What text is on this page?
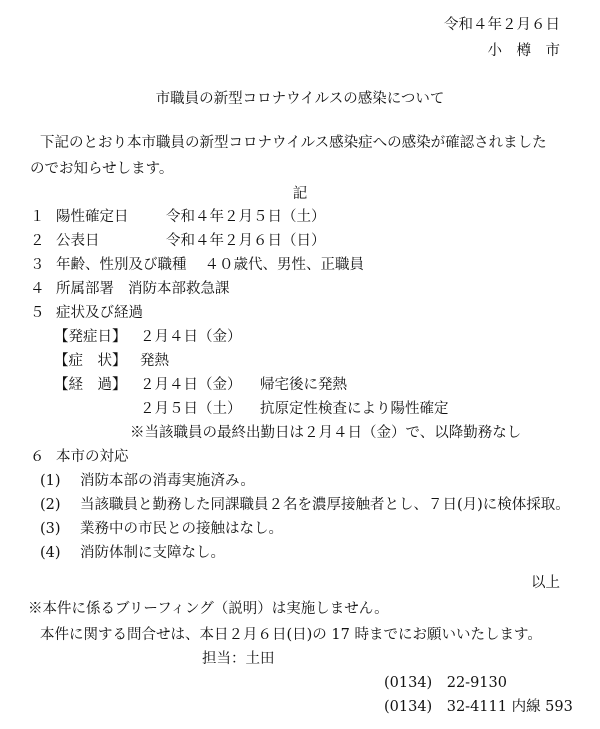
令和４年２月６日
小　樽　市
市職員の新型コロナウイルスの感染について
下記のとおり本市職員の新型コロナウイルス感染症への感染が確認されました
のでお知らせします。
記
１ 陽性確定日	令和４年２月５日（土）
２ 公表日	令和４年２月６日（日）
３ 年齢、性別及び職種 ４０歳代、男性、正職員
４ 所属部署 消防本部救急課
５ 症状及び経過
【発症日】 ２月４日（金）
【症　状】 発熱
【経　過】 ２月４日（金） 帰宅後に発熱
２月５日（土） 抗原定性検査により陽性確定
※当該職員の最終出勤日は２月４日（金）で、以降勤務なし
６ 本市の対応
(1) 消防本部の消毒実施済み。
(2) 当該職員と勤務した同課職員２名を濃厚接触者とし、７日(月)に検体採取。
(3) 業務中の市民との接触はなし。
(4) 消防体制に支障なし。
以上
※本件に係るブリーフィング（説明）は実施しません。
本件に関する問合せは、本日２月６日(日)の 17 時までにお願いいたします。
担当：土田
(0134)　22-9130
(0134)　32-4111 内線 593
